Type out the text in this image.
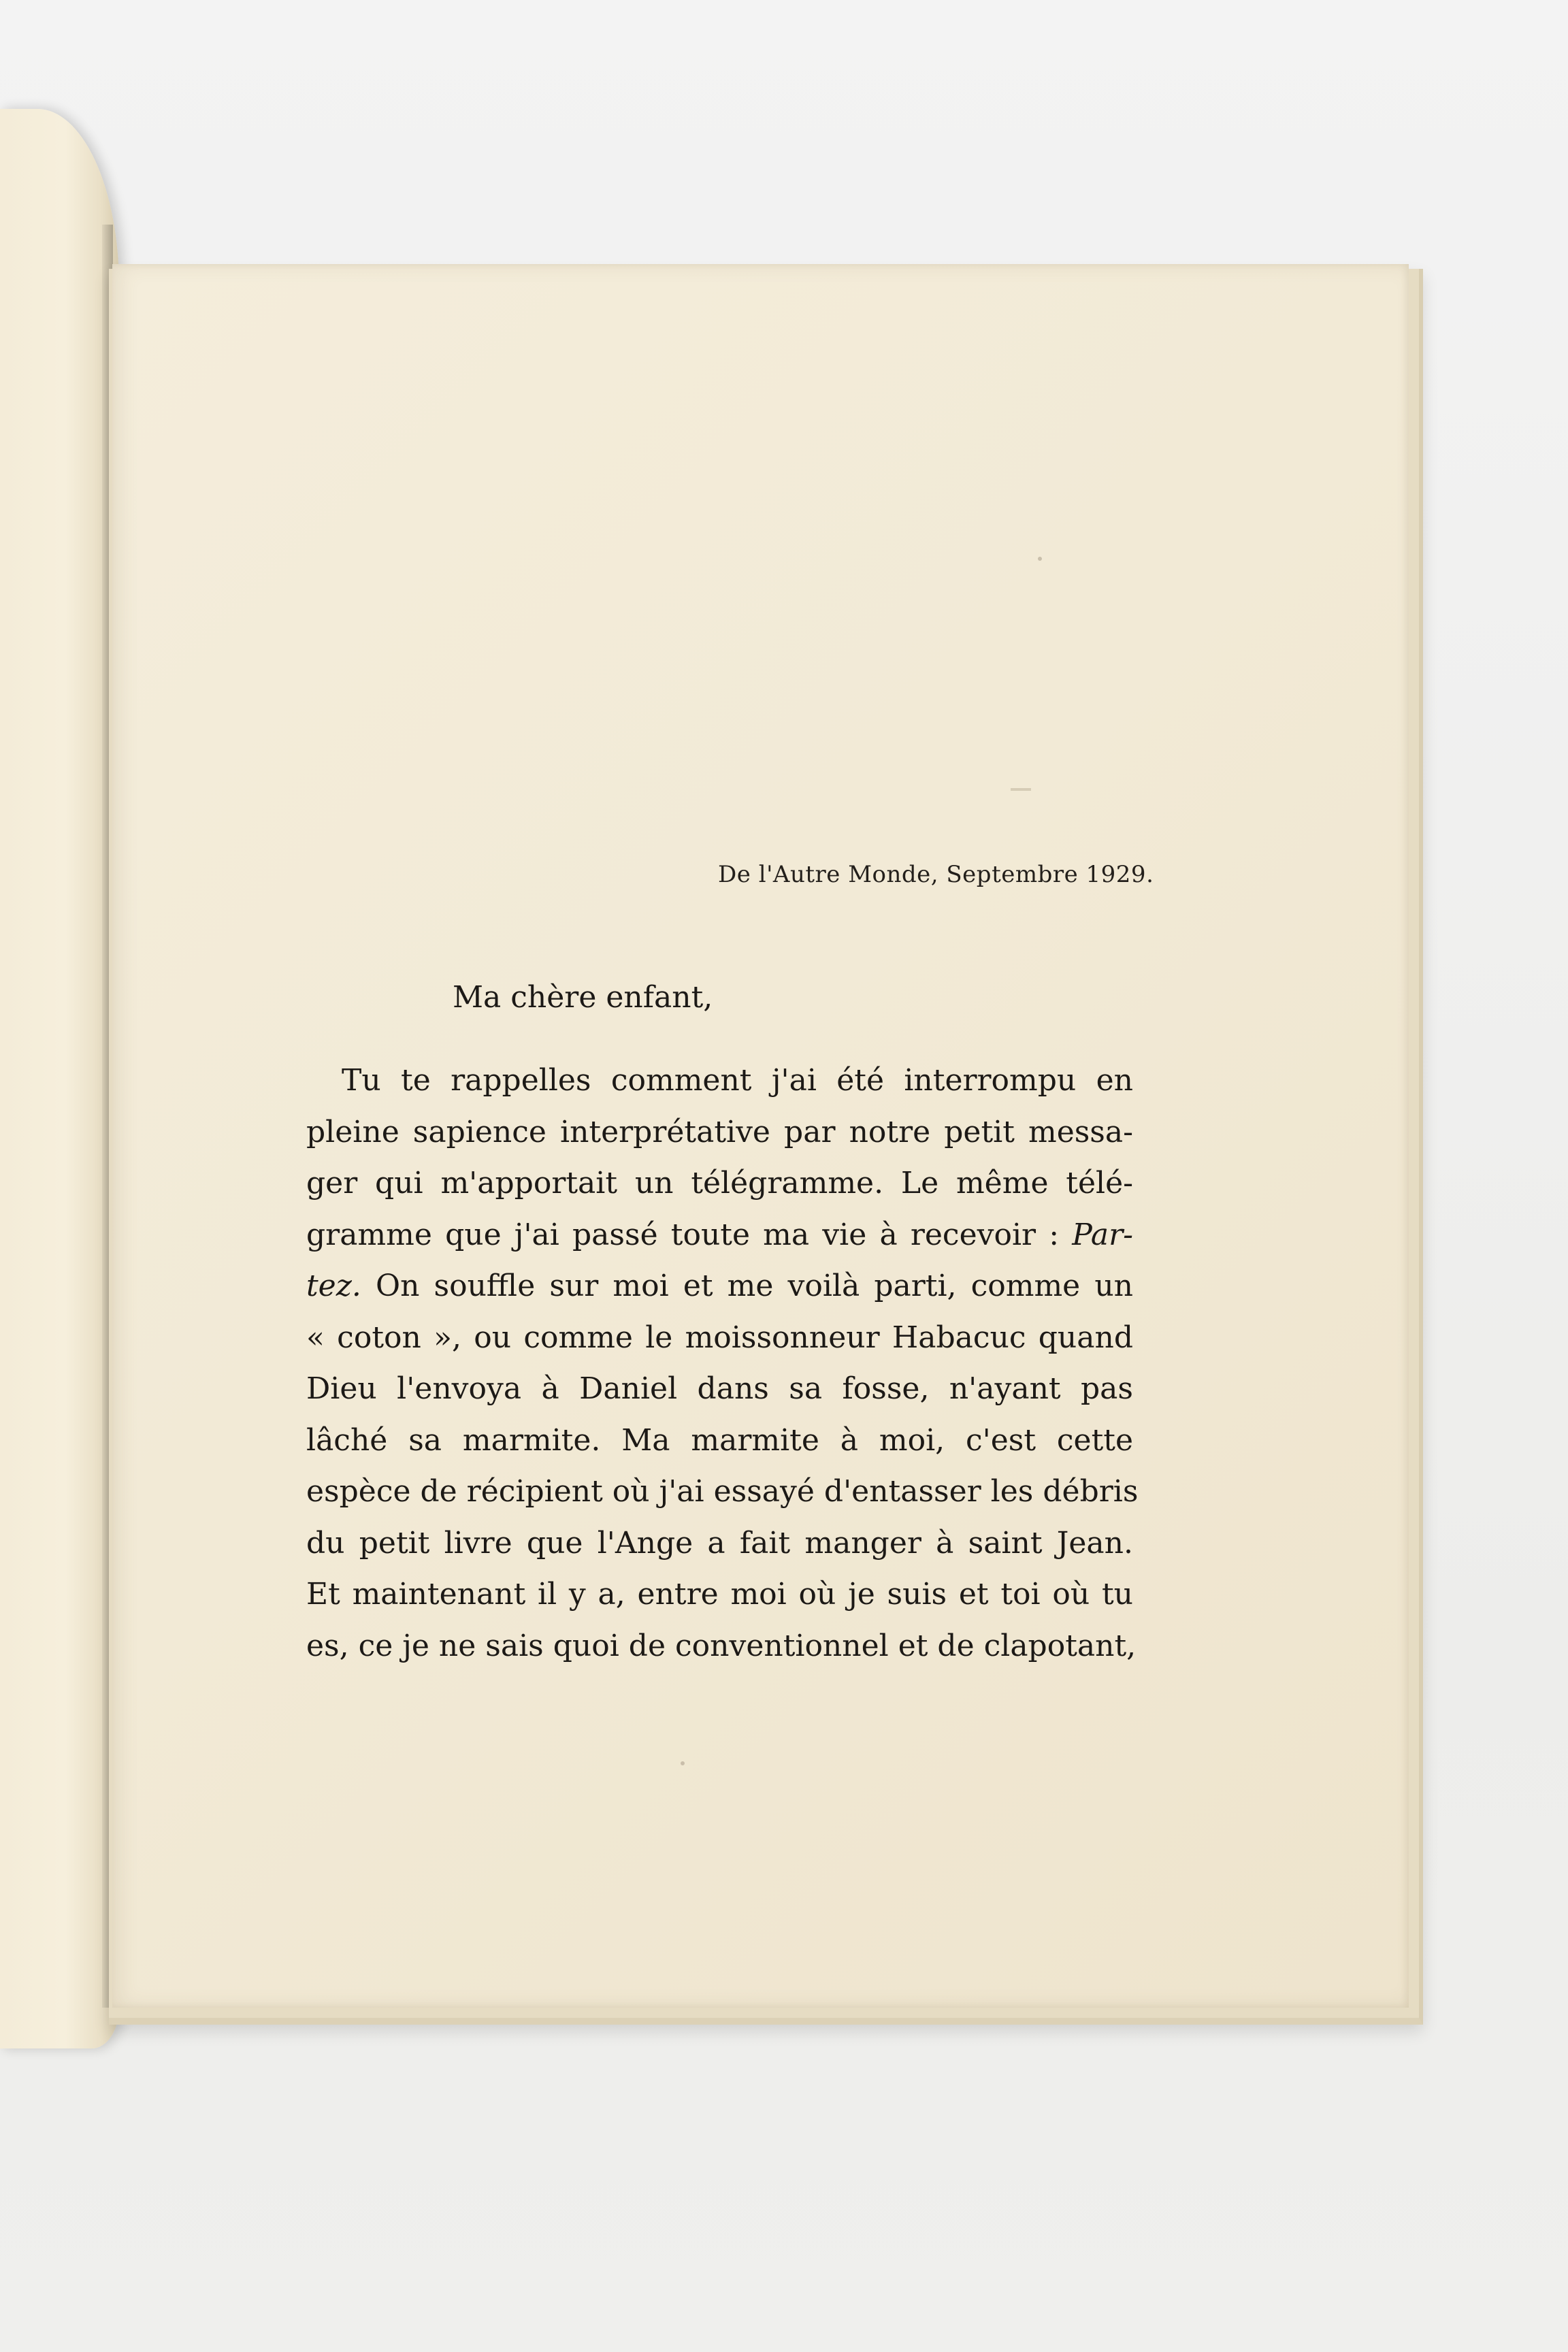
De l'Autre Monde, Septembre 1929.
Ma chère enfant,
Tu te rappelles comment j'ai été interrompu en
pleine sapience interprétative par notre petit messa-
ger qui m'apportait un télégramme. Le même télé-
gramme que j'ai passé toute ma vie à recevoir : Par-
tez. On souffle sur moi et me voilà parti, comme un
« coton », ou comme le moissonneur Habacuc quand
Dieu l'envoya à Daniel dans sa fosse, n'ayant pas
lâché sa marmite. Ma marmite à moi, c'est cette
espèce de récipient où j'ai essayé d'entasser les débris
du petit livre que l'Ange a fait manger à saint Jean.
Et maintenant il y a, entre moi où je suis et toi où tu
es, ce je ne sais quoi de conventionnel et de clapotant,
